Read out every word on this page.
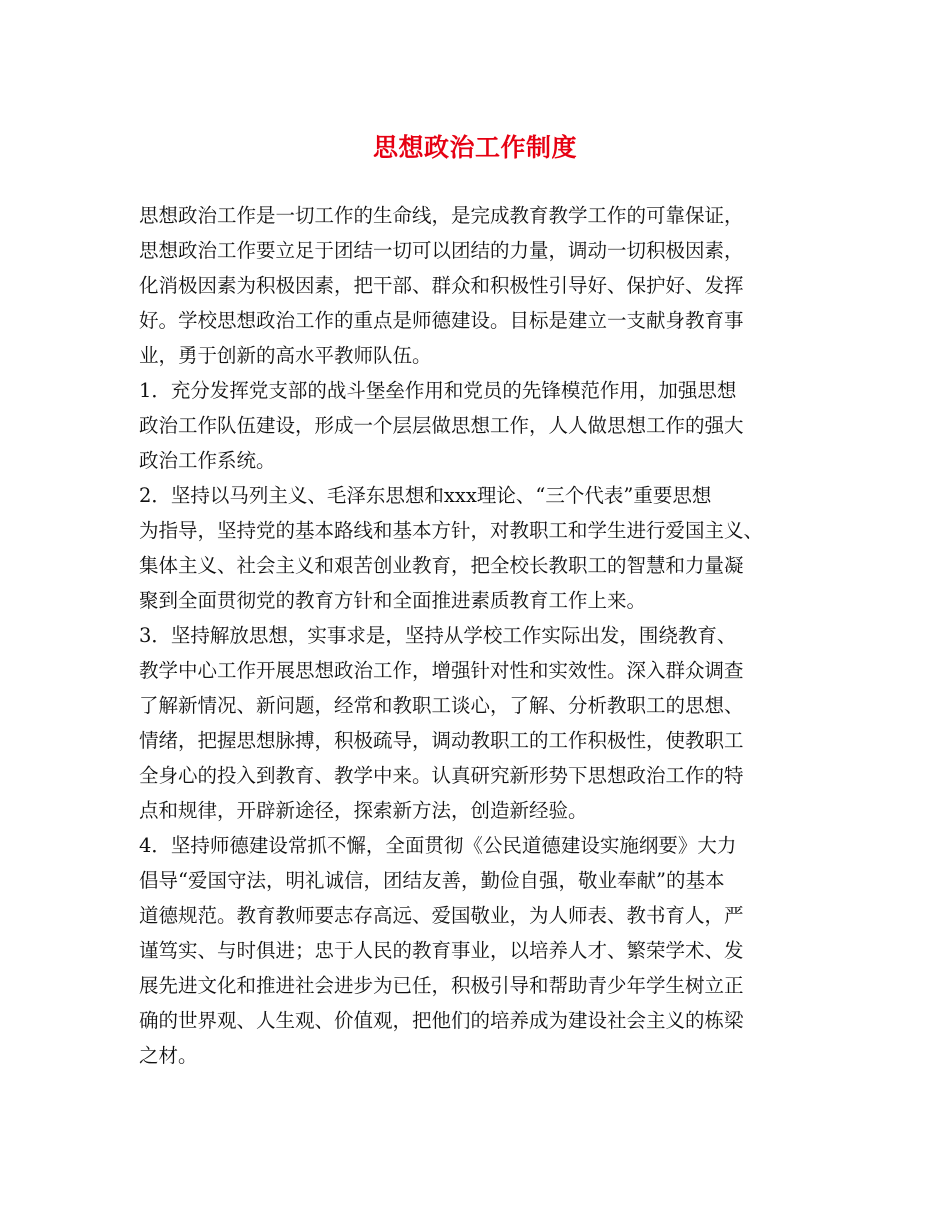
思想政治工作制度
思想政治工作是一切工作的生命线，是完成教育教学工作的可靠保证，
思想政治工作要立足于团结一切可以团结的力量，调动一切积极因素，
化消极因素为积极因素，把干部、群众和积极性引导好、保护好、发挥
好。学校思想政治工作的重点是师德建设。目标是建立一支献身教育事
业，勇于创新的高水平教师队伍。
1．充分发挥党支部的战斗堡垒作用和党员的先锋模范作用，加强思想
政治工作队伍建设，形成一个层层做思想工作，人人做思想工作的强大
政治工作系统。
2．坚持以马列主义、毛泽东思想和xxx理论、“三个代表”重要思想
为指导，坚持党的基本路线和基本方针，对教职工和学生进行爱国主义、
集体主义、社会主义和艰苦创业教育，把全校长教职工的智慧和力量凝
聚到全面贯彻党的教育方针和全面推进素质教育工作上来。
3．坚持解放思想，实事求是，坚持从学校工作实际出发，围绕教育、
教学中心工作开展思想政治工作，增强针对性和实效性。深入群众调查
了解新情况、新问题，经常和教职工谈心，了解、分析教职工的思想、
情绪，把握思想脉搏，积极疏导，调动教职工的工作积极性，使教职工
全身心的投入到教育、教学中来。认真研究新形势下思想政治工作的特
点和规律，开辟新途径，探索新方法，创造新经验。
4．坚持师德建设常抓不懈，全面贯彻《公民道德建设实施纲要》大力
倡导“爱国守法，明礼诚信，团结友善，勤俭自强，敬业奉献”的基本
道德规范。教育教师要志存高远、爱国敬业，为人师表、教书育人，严
谨笃实、与时俱进；忠于人民的教育事业，以培养人才、繁荣学术、发
展先进文化和推进社会进步为已任，积极引导和帮助青少年学生树立正
确的世界观、人生观、价值观，把他们的培养成为建设社会主义的栋梁
之材。
